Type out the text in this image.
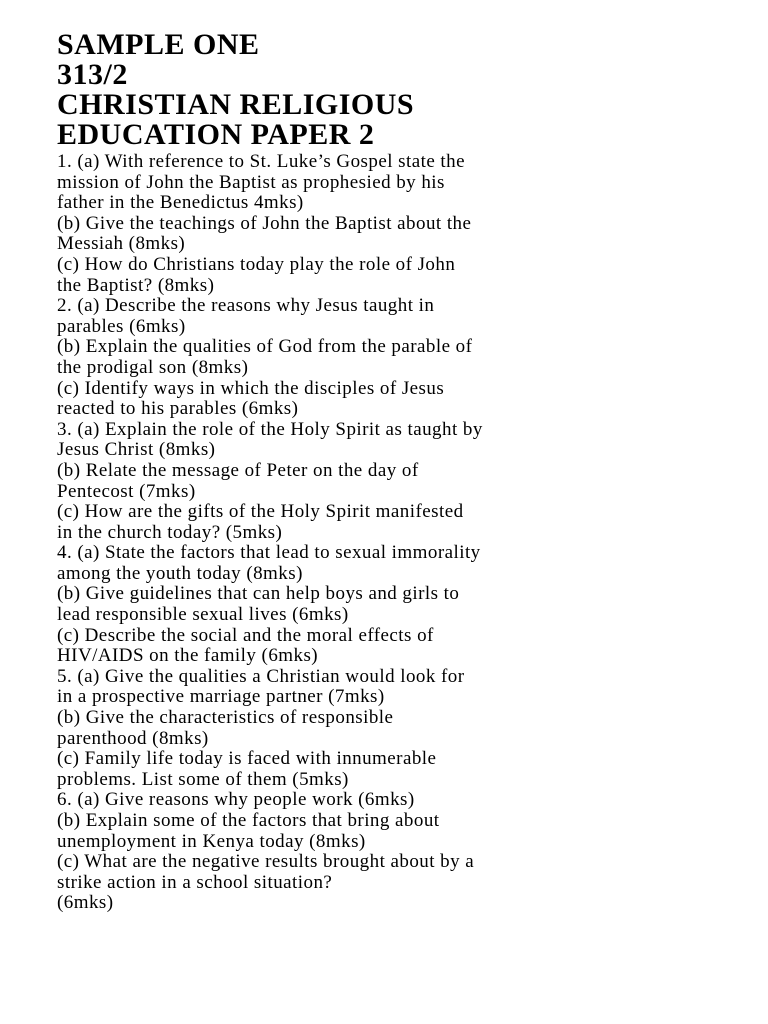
SAMPLE ONE
313/2
CHRISTIAN RELIGIOUS
EDUCATION PAPER 2
1. (a) With reference to St. Luke’s Gospel state the
mission of John the Baptist as prophesied by his
father in the Benedictus 4mks)
(b) Give the teachings of John the Baptist about the
Messiah (8mks)
(c) How do Christians today play the role of John
the Baptist? (8mks)
2. (a) Describe the reasons why Jesus taught in
parables (6mks)
(b) Explain the qualities of God from the parable of
the prodigal son (8mks)
(c) Identify ways in which the disciples of Jesus
reacted to his parables (6mks)
3. (a) Explain the role of the Holy Spirit as taught by
Jesus Christ (8mks)
(b) Relate the message of Peter on the day of
Pentecost (7mks)
(c) How are the gifts of the Holy Spirit manifested
in the church today? (5mks)
4. (a) State the factors that lead to sexual immorality
among the youth today (8mks)
(b) Give guidelines that can help boys and girls to
lead responsible sexual lives (6mks)
(c) Describe the social and the moral effects of
HIV/AIDS on the family (6mks)
5. (a) Give the qualities a Christian would look for
in a prospective marriage partner (7mks)
(b) Give the characteristics of responsible
parenthood (8mks)
(c) Family life today is faced with innumerable
problems. List some of them (5mks)
6. (a) Give reasons why people work (6mks)
(b) Explain some of the factors that bring about
unemployment in Kenya today (8mks)
(c) What are the negative results brought about by a
strike action in a school situation?
(6mks)
